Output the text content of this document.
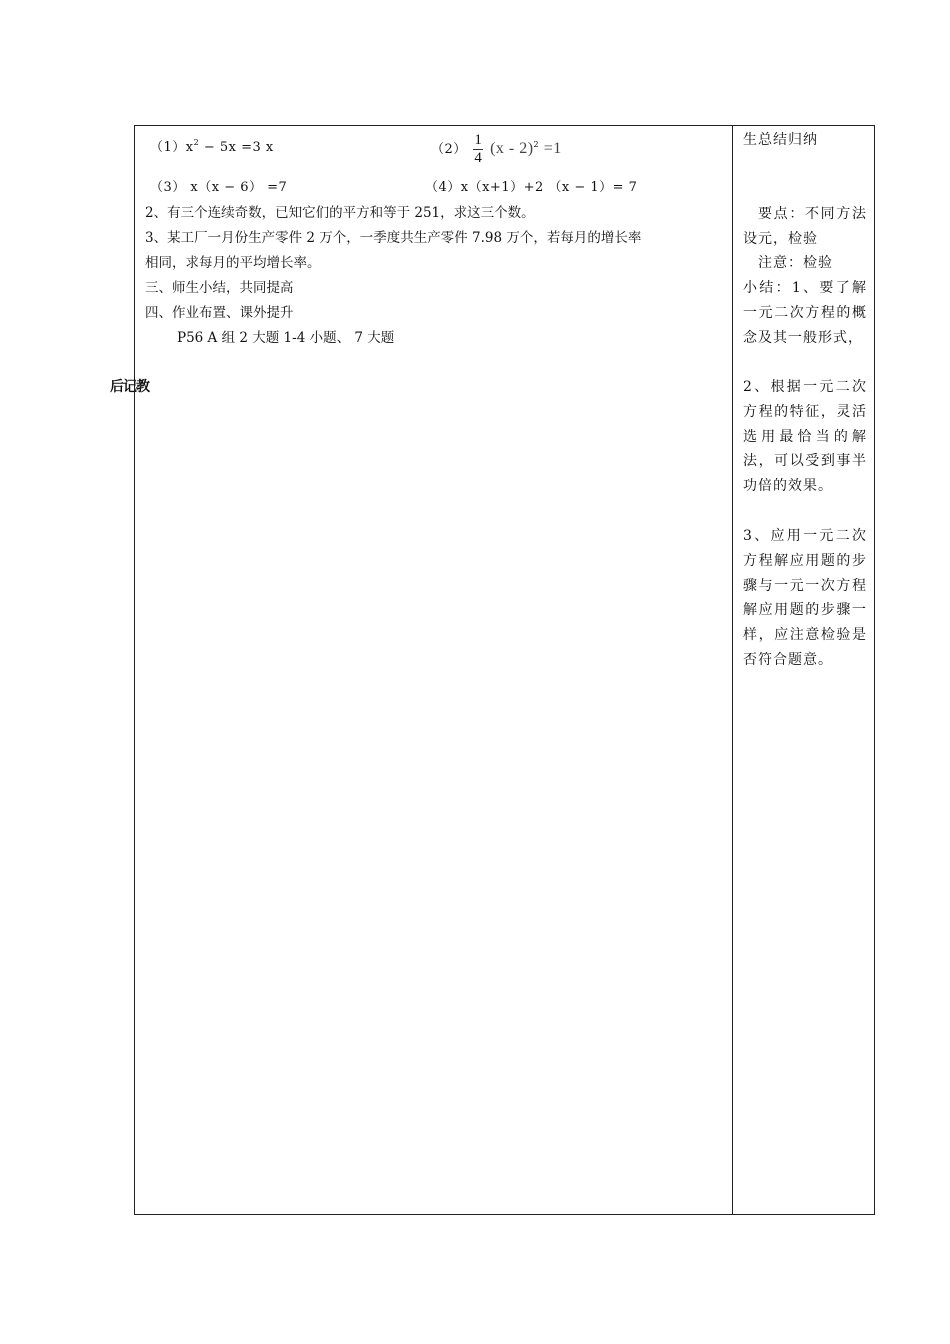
$(1)x^2 - 5x =3$ x	$(2) \frac{1}{4} (x - 2)^2 =1$
（3） x（x − 6） =7	（4）x（x+1）+2 （x − 1）= 7
2、有三个连续奇数，已知它们的平方和等于 251，求这三个数。
3、某工厂一月份生产零件 2 万个，一季度共生产零件 7.98 万个，若每月的增长率
相同，求每月的平均增长率。
三、师生小结，共同提高
四、作业布置、课外提升
P56 A 组 2 大题 1-4 小题、 7 大题
生总结归纳
要点：不同方法设元，检验
注意：检验
小结：1、要了解一元二次方程的概念及其一般形式，
2、根据一元二次方程的特征，灵活选用最恰当的解法，可以受到事半功倍的效果。
3、应用一元二次方程解应用题的步骤与一元一次方程解应用题的步骤一样，应注意检验是否符合题意。
后记教
